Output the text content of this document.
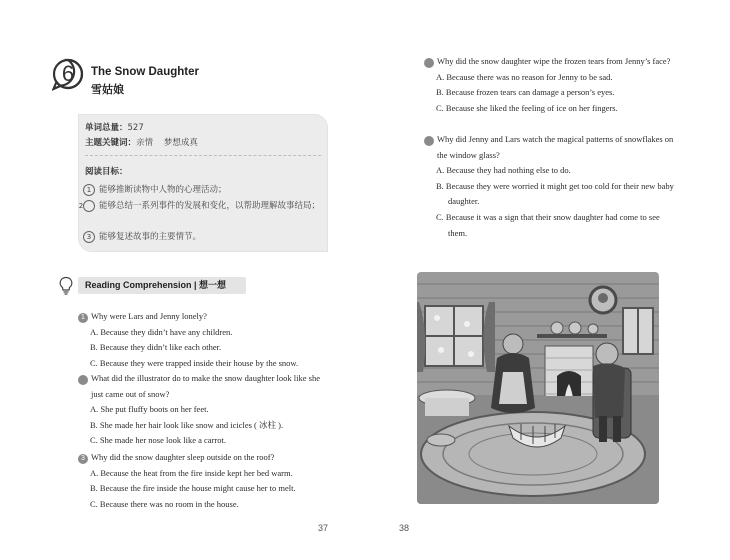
6	The Snow Daughter
雪姑娘
单词总量：527
主题关键词：亲情    梦想成真
阅读目标：
1 能够推断读物中人物的心理活动；
2 能够总结一系列事件的发展和变化，以帮助理解故事结局；
3 能够复述故事的主要情节。
Reading Comprehension | 想一想
1 Why were Lars and Jenny lonely?
A. Because they didn’t have any children.
B. Because they didn’t like each other.
C. Because they were trapped inside their house by the snow.
2 What did the illustrator do to make the snow daughter look like she just came out of snow?
A. She put fluffy boots on her feet.
B. She made her hair look like snow and icicles ( 冰柱 ).
C. She made her nose look like a carrot.
3 Why did the snow daughter sleep outside on the roof?
A. Because the heat from the fire inside kept her bed warm.
B. Because the fire inside the house might cause her to melt.
C. Because there was no room in the house.
4 Why did the snow daughter wipe the frozen tears from Jenny’s face?
A. Because there was no reason for Jenny to be sad.
B. Because frozen tears can damage a person’s eyes.
C. Because she liked the feeling of ice on her fingers.
5 Why did Jenny and Lars watch the magical patterns of snowflakes on the window glass?
A. Because they had nothing else to do.
B. Because they were worried it might get too cold for their new baby daughter.
C. Because it was a sign that their snow daughter had come to see them.
37	38
